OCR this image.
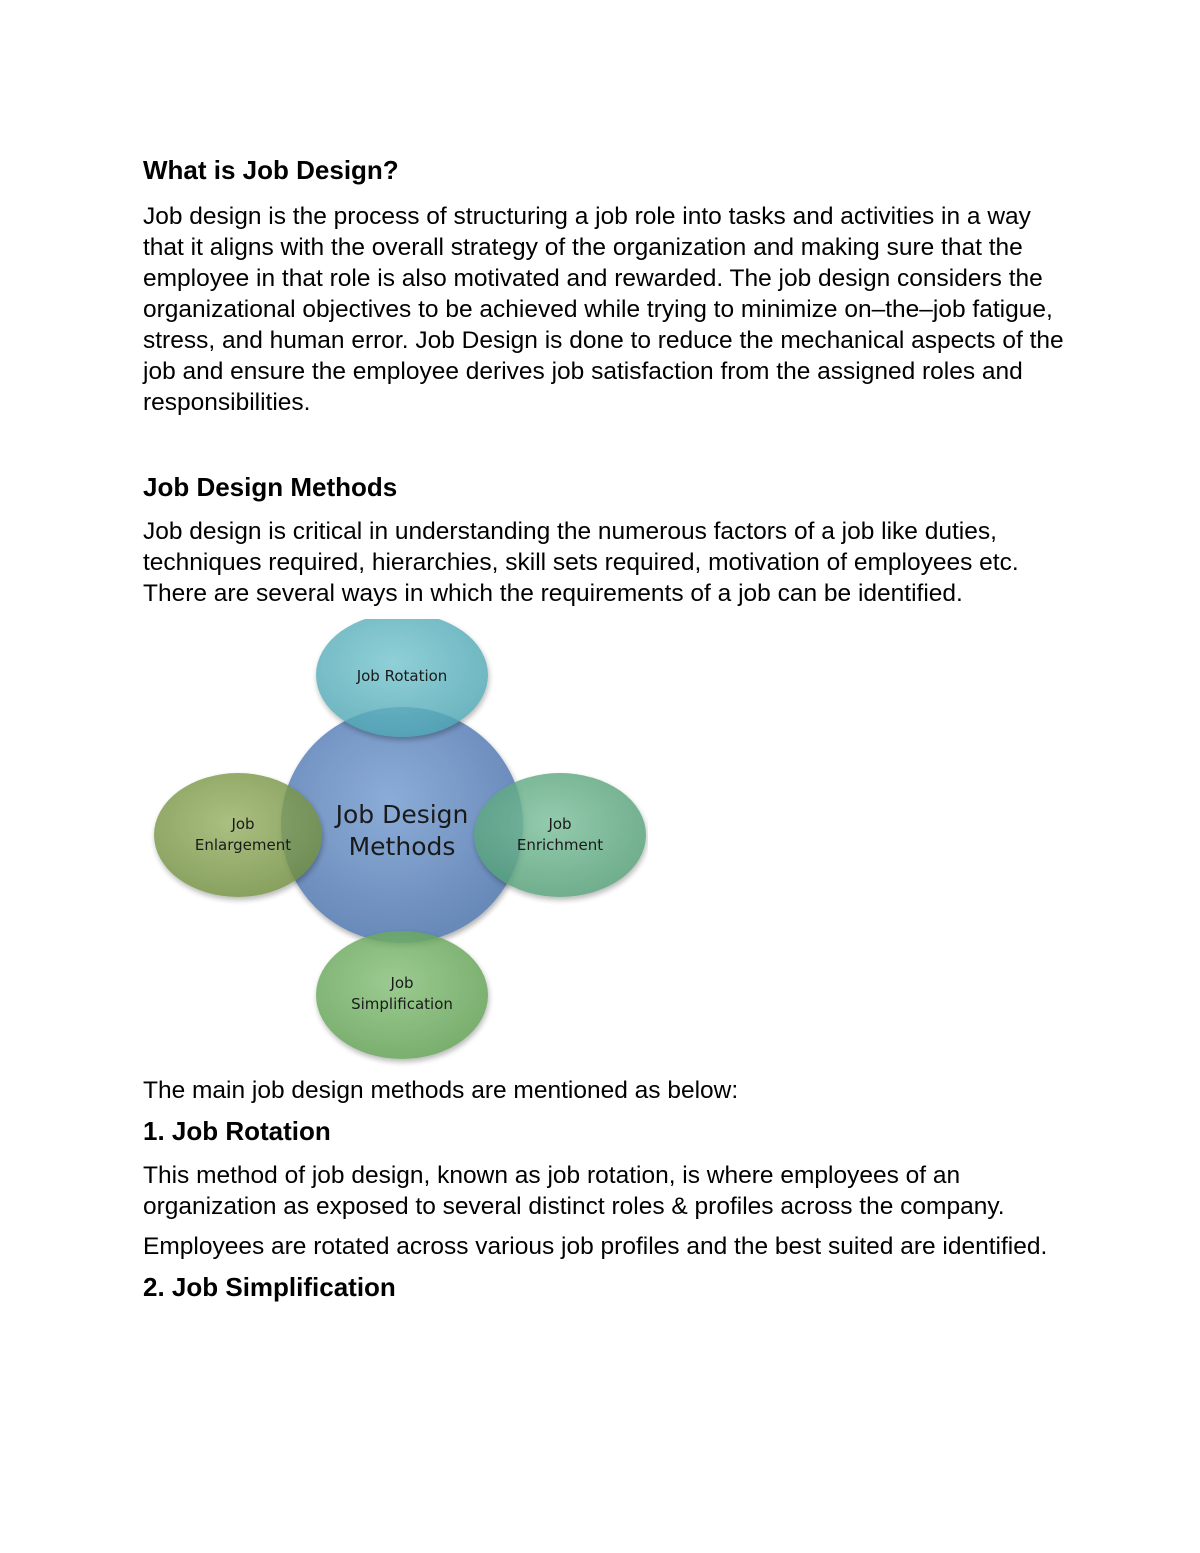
What is Job Design?

Job design is the process of structuring a job role into tasks and activities in a way that it aligns with the overall strategy of the organization and making sure that the employee in that role is also motivated and rewarded. The job design considers the organizational objectives to be achieved while trying to minimize on–the–job fatigue, stress, and human error. Job Design is done to reduce the mechanical aspects of the job and ensure the employee derives job satisfaction from the assigned roles and responsibilities.

Job Design Methods

Job design is critical in understanding the numerous factors of a job like duties, techniques required, hierarchies, skill sets required, motivation of employees etc. There are several ways in which the requirements of a job can be identified.

Job Design
Methods
Job Rotation
Job
Enlargement
Job
Enrichment
Job
Simplification

The main job design methods are mentioned as below:

1. Job Rotation

This method of job design, known as job rotation, is where employees of an organization as exposed to several distinct roles & profiles across the company.

Employees are rotated across various job profiles and the best suited are identified.

2. Job Simplification
